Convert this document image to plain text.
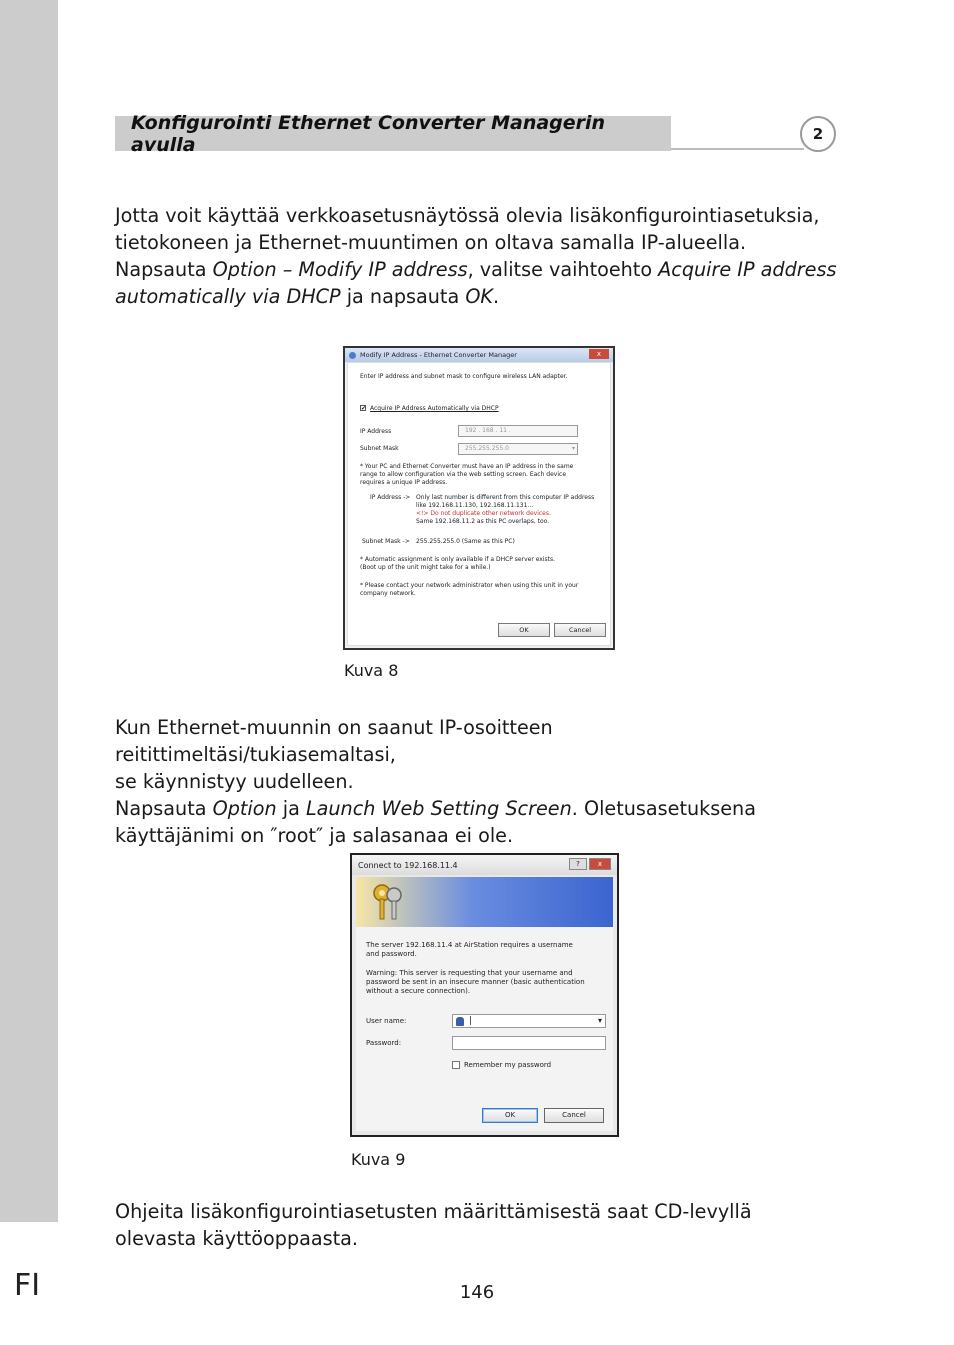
Konfigurointi Ethernet Converter Managerin avulla	2

Jotta voit käyttää verkkoasetusnäytössä olevia lisäkonfigurointiasetuksia, tietokoneen ja Ethernet-muuntimen on oltava samalla IP-alueella. Napsauta Option – Modify IP address, valitse vaihtoehto Acquire IP address automatically via DHCP ja napsauta OK.

Modify IP Address - Ethernet Converter Manager	x
Enter IP address and subnet mask to configure wireless LAN adapter.
✔ Acquire IP Address Automatically via DHCP
IP Address	192 . 168 . 11 .
Subnet Mask	255.255.255.0	▾
* Your PC and Ethernet Converter must have an IP address in the same
range to allow configuration via the web setting screen. Each device
requires a unique IP address.
IP Address -> Only last number is different from this computer IP address
like 192.168.11.130, 192.168.11.131...
<!> Do not duplicate other network devices.
Same 192.168.11.2 as this PC overlaps, too.
Subnet Mask -> 255.255.255.0 (Same as this PC)
* Automatic assignment is only available if a DHCP server exists.
(Boot up of the unit might take for a while.)
* Please contact your network administrator when using this unit in your
company network.
OK	Cancel
Kuva 8
Kun Ethernet-muunnin on saanut IP-osoitteen reitittimeltäsi/tukiasemaltasi,
se käynnistyy uudelleen.
Napsauta Option ja Launch Web Setting Screen. Oletusasetuksena käyttäjänimi on ″root″ ja salasanaa ei ole.
Connect to 192.168.11.4	?	x
The server 192.168.11.4 at AirStation requires a username
and password.
Warning: This server is requesting that your username and
password be sent in an insecure manner (basic authentication
without a secure connection).
User name:	|	▾
Password:
Remember my password
OK	Cancel
Kuva 9

Ohjeita lisäkonfigurointiasetusten määrittämisestä saat CD-levyllä olevasta käyttöoppaasta.

FI	146
